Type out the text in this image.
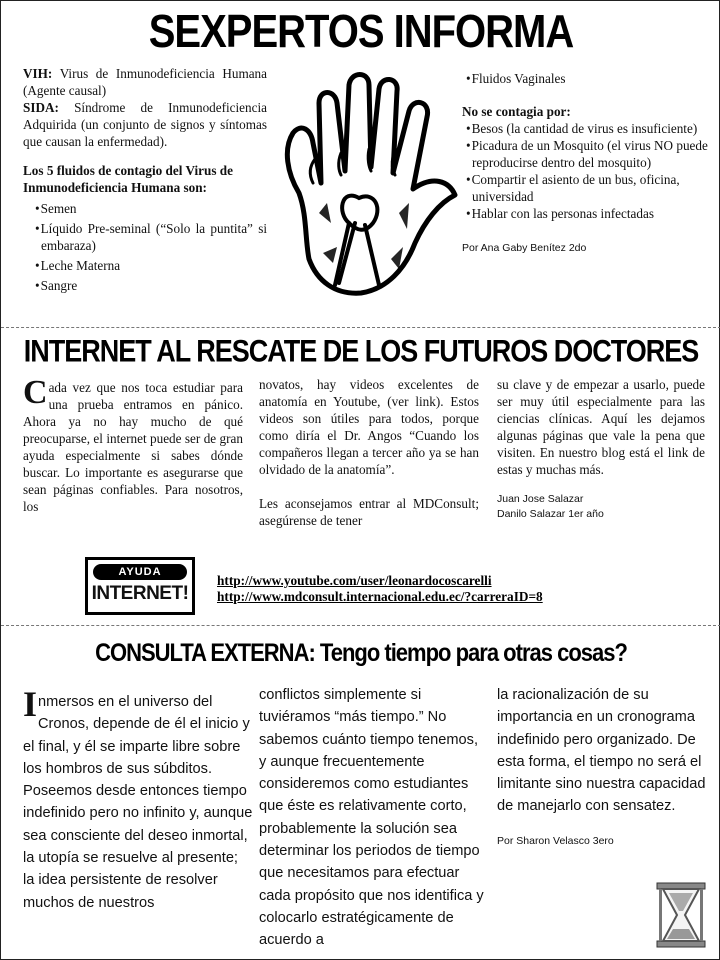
SEXPERTOS INFORMA

VIH: Virus de Inmunodeficiencia Humana (Agente causal)

SIDA: Síndrome de Inmunodeficiencia Adquirida (un conjunto de signos y síntomas que causan la enfermedad).

Los 5 fluidos de contagio del Virus de Inmunodeficiencia Humana son:

• Semen
• Líquido Pre-seminal (“Solo la puntita” si embaraza)
• Leche Materna
• Sangre
• Fluidos Vaginales

No se contagia por:

• Besos (la cantidad de virus es insuficiente)
• Picadura de un Mosquito (el virus NO puede reproducirse dentro del mosquito)
• Compartir el asiento de un bus, oficina, universidad
• Hablar con las personas infectadas

Por Ana Gaby Benítez 2do

INTERNET AL RESCATE DE LOS FUTUROS DOCTORES
Cada vez que nos toca estudiar para una prueba entramos en pánico. Ahora ya no hay mucho de qué preocuparse, el internet puede ser de gran ayuda especialmente si sabes dónde buscar. Lo importante es asegurarse que sean páginas confiables. Para nosotros, los

novatos, hay videos excelentes de anatomía en Youtube, (ver link). Estos videos son útiles para todos, porque como diría el Dr. Angos “Cuando los compañeros llegan a tercer año ya se han olvidado de la anatomía”.

Les aconsejamos entrar al MDConsult; asegúrense de tener

su clave y de empezar a usarlo, puede ser muy útil especialmente para las ciencias clínicas. Aquí les dejamos algunas páginas que vale la pena que visiten. En nuestro blog está el link de estas y muchas más.

Juan Jose Salazar

Danilo Salazar 1er año

AYUDA
INTERNET!
http://www.youtube.com/user/leonardocoscarelli
http://www.mdconsult.internacional.edu.ec/?carreraID=8
CONSULTA EXTERNA: Tengo tiempo para otras cosas?
Inmersos en el universo del Cronos, depende de él el inicio y el final, y él se imparte libre sobre los hombros de sus súbditos. Poseemos desde entonces tiempo indefinido pero no infinito y, aunque sea consciente del deseo inmortal, la utopía se resuelve al presente; la idea persistente de resolver muchos de nuestros
conflictos simplemente si tuviéramos “más tiempo.” No sabemos cuánto tiempo tenemos, y aunque frecuentemente consideremos como estudiantes que éste es relativamente corto, probablemente la solución sea determinar los periodos de tiempo que necesitamos para efectuar cada propósito que nos identifica y colocarlo estratégicamente de acuerdo a

la racionalización de su importancia en un cronograma indefinido pero organizado. De esta forma, el tiempo no será el limitante sino nuestra capacidad de manejarlo con sensatez.

Por Sharon Velasco 3ero
